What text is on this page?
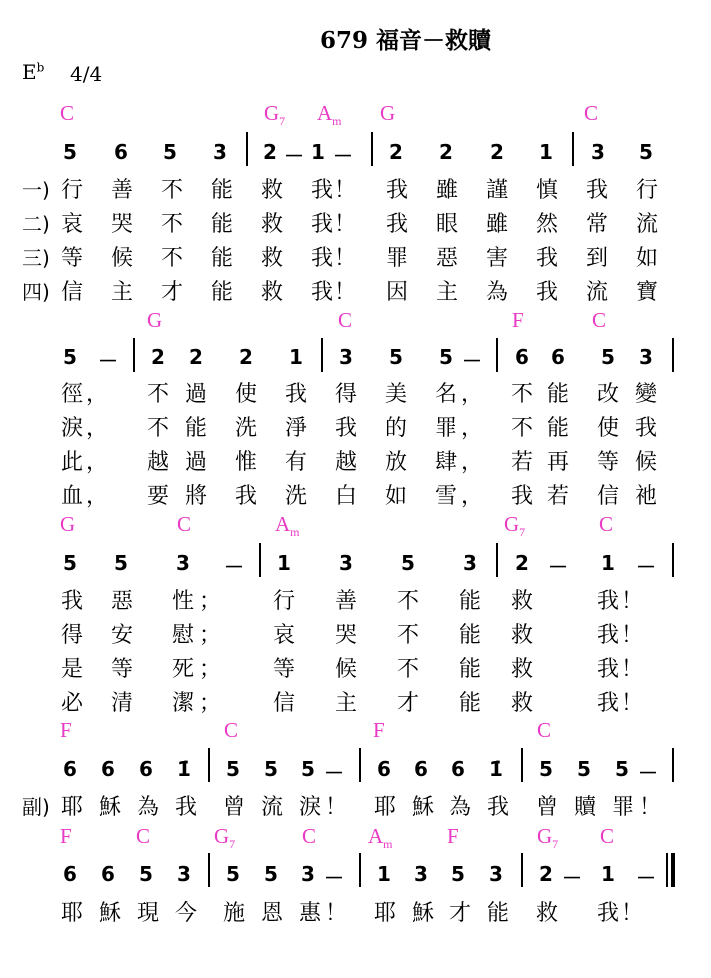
679 福音－救贖
$E^b$ 4/4
C	$G_7$ $A_m$ G	C
5 6 5 3 2 － 1 － 2 2 2 1 3 5
一) 行 善 不 能 救 我 ！ 我 雖 謹 慎 我 行
二) 哀 哭 不 能 救 我 ！ 我 眼 雖 然 常 流
三) 等 候 不 能 救 我 ！ 罪 惡 害 我 到 如
四) 信 主 才 能 救 我 ！ 因 主 為 我 流 寶
G	C	F	C
5 － 2 2 2 1 3 5 5 － 6 6 5 3
徑 ， 不 過 使 我 得 美 名 ， 不 能 改 變
淚 ， 不 能 洗 淨 我 的 罪 ， 不 能 使 我
此 ， 越 過 惟 有 越 放 肆 ， 若 再 等 候
血 ， 要 將 我 洗 白 如 雪 ， 我 若 信 祂
G	C	$A_m$	$G_7$	C
5 5 3 － 1 3 5 3 2 － 1 －
我 惡 性 ； 行 善 不 能 救	我 ！
得 安 慰 ； 哀 哭 不 能 救	我 ！
是 等 死 ； 等 候 不 能 救	我 ！
必 清 潔 ； 信 主 才 能 救	我 ！
F	C	F	C
6 6 6 1̇ 5 5 5 － 6 6 6 1̇ 5 5 5 －
副) 耶 穌 為 我 曾 流 淚 ！ 耶 穌 為 我 曾 贖 罪 ！
F	C	$G_7$	C $A_m$	F	$G_7$ C
6 6 5 3 5 5 3 － 1 3 5 3 2 － 1 －
耶 穌 現 今 施 恩 惠 ！ 耶 穌 才 能 救 我 ！
